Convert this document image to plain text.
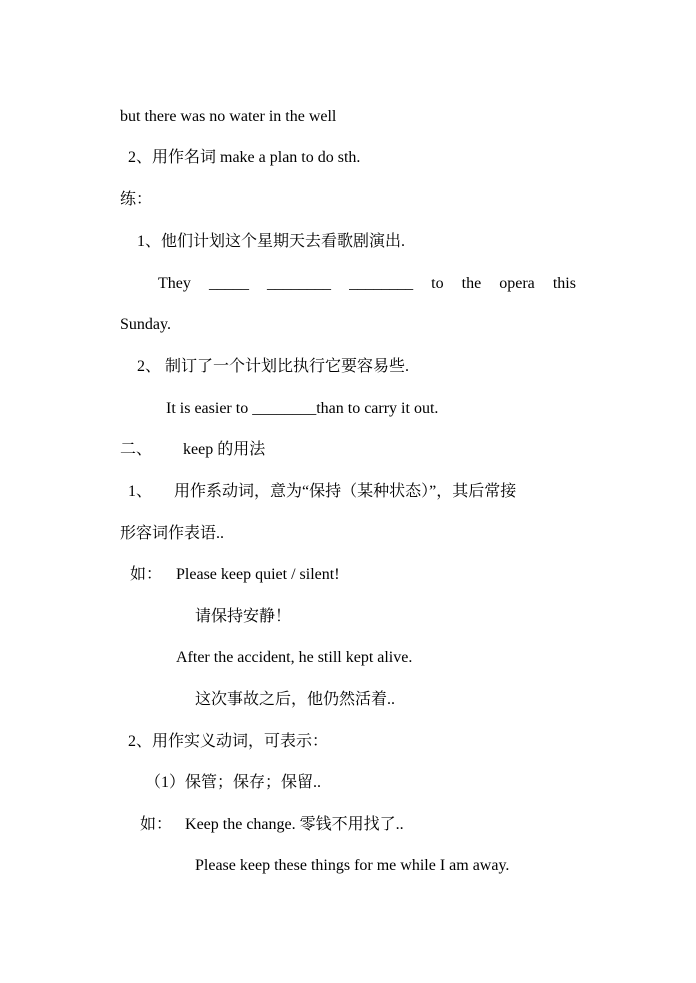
but there was no water in the well
2、用作名词 make a plan to do sth.
练：
1、他们计划这个星期天去看歌剧演出.
They _____ ________ ________ to the opera this
Sunday.
2、 制订了一个计划比执行它要容易些.
It is easier to ________than to carry it out.
二、 keep 的用法
1、 用作系动词，意为“保持（某种状态）”，其后常接
形容词作表语..
如： Please keep quiet / silent!
请保持安静！
After the accident, he still kept alive.
这次事故之后，他仍然活着..
2、用作实义动词，可表示：
（1）保管；保存；保留..
如： Keep the change. 零钱不用找了..
Please keep these things for me while I am away.
